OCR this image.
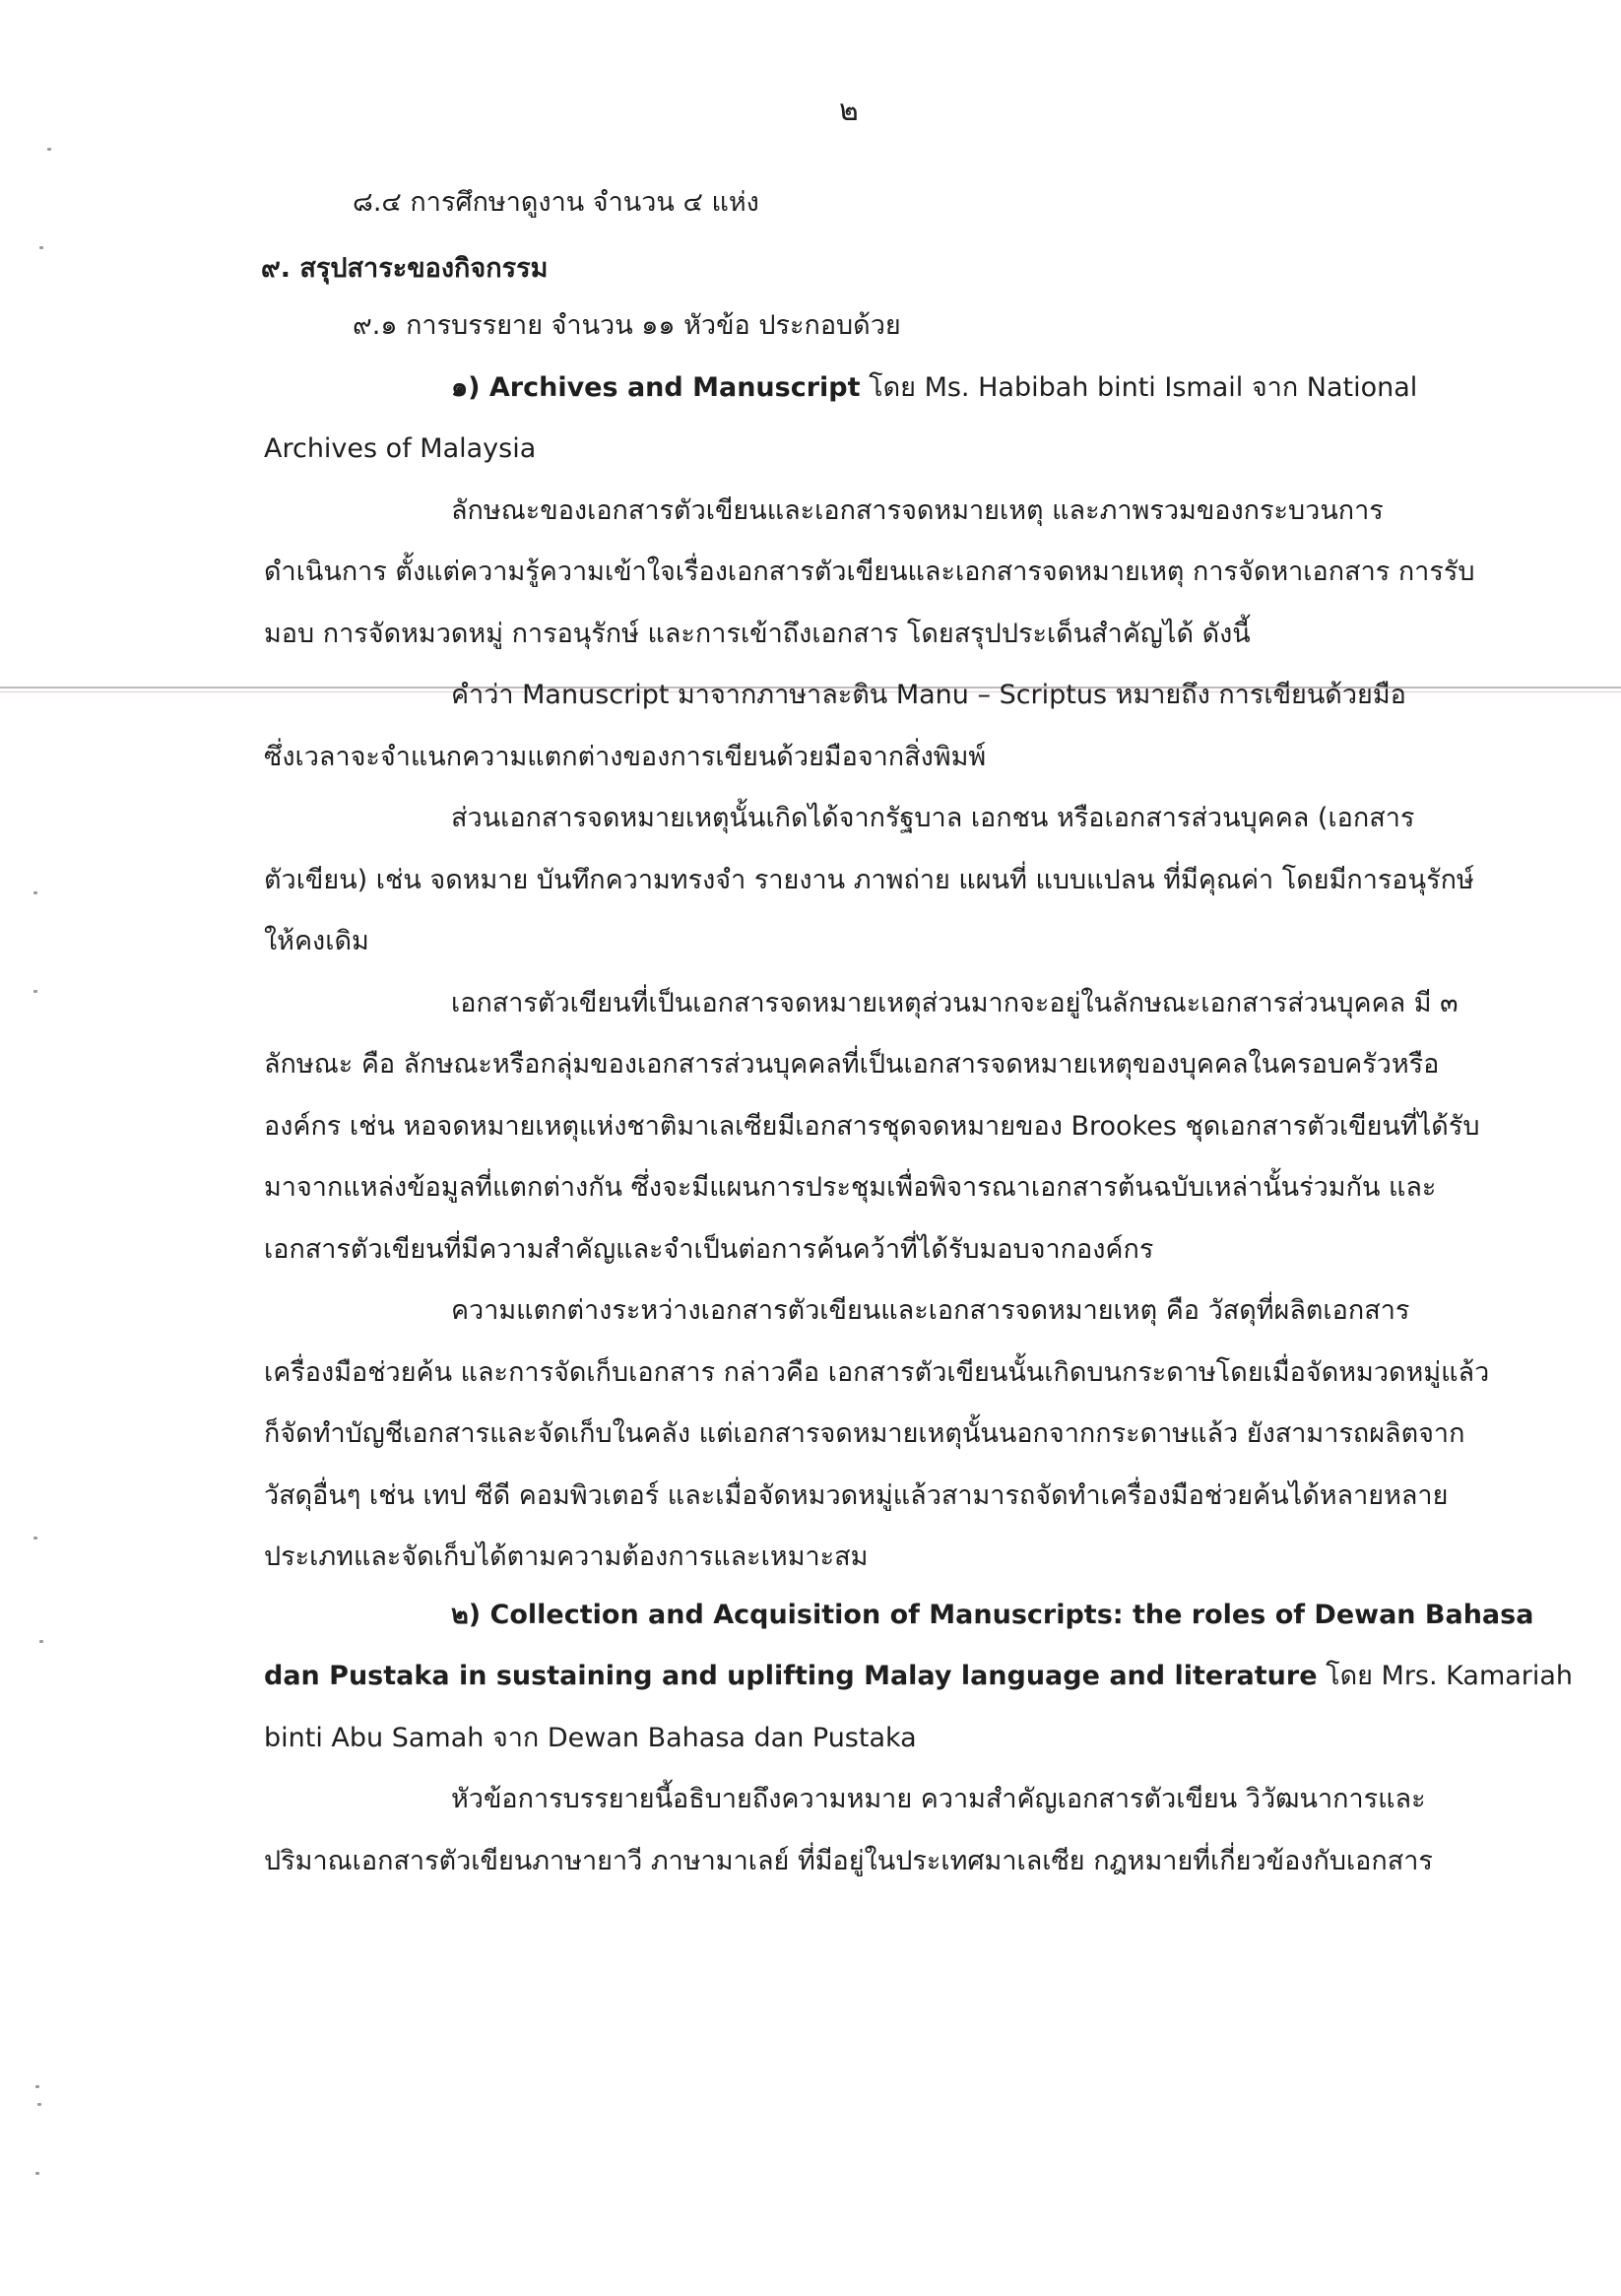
๒
๘.๔ การศึกษาดูงาน จำนวน ๔ แห่ง
๙. สรุปสาระของกิจกรรม
๙.๑ การบรรยาย จำนวน ๑๑ หัวข้อ ประกอบด้วย
๑) Archives and Manuscript โดย Ms. Habibah binti Ismail จาก National
Archives of Malaysia
ลักษณะของเอกสารตัวเขียนและเอกสารจดหมายเหตุ และภาพรวมของกระบวนการ
ดำเนินการ ตั้งแต่ความรู้ความเข้าใจเรื่องเอกสารตัวเขียนและเอกสารจดหมายเหตุ การจัดหาเอกสาร การรับ
มอบ การจัดหมวดหมู่ การอนุรักษ์ และการเข้าถึงเอกสาร โดยสรุปประเด็นสำคัญได้ ดังนี้
คำว่า Manuscript มาจากภาษาละติน Manu – Scriptus หมายถึง การเขียนด้วยมือ
ซึ่งเวลาจะจำแนกความแตกต่างของการเขียนด้วยมือจากสิ่งพิมพ์
ส่วนเอกสารจดหมายเหตุนั้นเกิดได้จากรัฐบาล เอกชน หรือเอกสารส่วนบุคคล (เอกสาร
ตัวเขียน) เช่น จดหมาย บันทึกความทรงจำ รายงาน ภาพถ่าย แผนที่ แบบแปลน ที่มีคุณค่า โดยมีการอนุรักษ์
ให้คงเดิม
เอกสารตัวเขียนที่เป็นเอกสารจดหมายเหตุส่วนมากจะอยู่ในลักษณะเอกสารส่วนบุคคล มี ๓
ลักษณะ คือ ลักษณะหรือกลุ่มของเอกสารส่วนบุคคลที่เป็นเอกสารจดหมายเหตุของบุคคลในครอบครัวหรือ
องค์กร เช่น หอจดหมายเหตุแห่งชาติมาเลเซียมีเอกสารชุดจดหมายของ Brookes ชุดเอกสารตัวเขียนที่ได้รับ
มาจากแหล่งข้อมูลที่แตกต่างกัน ซึ่งจะมีแผนการประชุมเพื่อพิจารณาเอกสารต้นฉบับเหล่านั้นร่วมกัน และ
เอกสารตัวเขียนที่มีความสำคัญและจำเป็นต่อการค้นคว้าที่ได้รับมอบจากองค์กร
ความแตกต่างระหว่างเอกสารตัวเขียนและเอกสารจดหมายเหตุ คือ วัสดุที่ผลิตเอกสาร
เครื่องมือช่วยค้น และการจัดเก็บเอกสาร กล่าวคือ เอกสารตัวเขียนนั้นเกิดบนกระดาษโดยเมื่อจัดหมวดหมู่แล้ว
ก็จัดทำบัญชีเอกสารและจัดเก็บในคลัง แต่เอกสารจดหมายเหตุนั้นนอกจากกระดาษแล้ว ยังสามารถผลิตจาก
วัสดุอื่นๆ เช่น เทป ซีดี คอมพิวเตอร์ และเมื่อจัดหมวดหมู่แล้วสามารถจัดทำเครื่องมือช่วยค้นได้หลายหลาย
ประเภทและจัดเก็บได้ตามความต้องการและเหมาะสม
๒) Collection and Acquisition of Manuscripts: the roles of Dewan Bahasa
dan Pustaka in sustaining and uplifting Malay language and literature โดย Mrs. Kamariah
binti Abu Samah จาก Dewan Bahasa dan Pustaka
หัวข้อการบรรยายนี้อธิบายถึงความหมาย ความสำคัญเอกสารตัวเขียน วิวัฒนาการและ
ปริมาณเอกสารตัวเขียนภาษายาวี ภาษามาเลย์ ที่มีอยู่ในประเทศมาเลเซีย กฎหมายที่เกี่ยวข้องกับเอกสาร
